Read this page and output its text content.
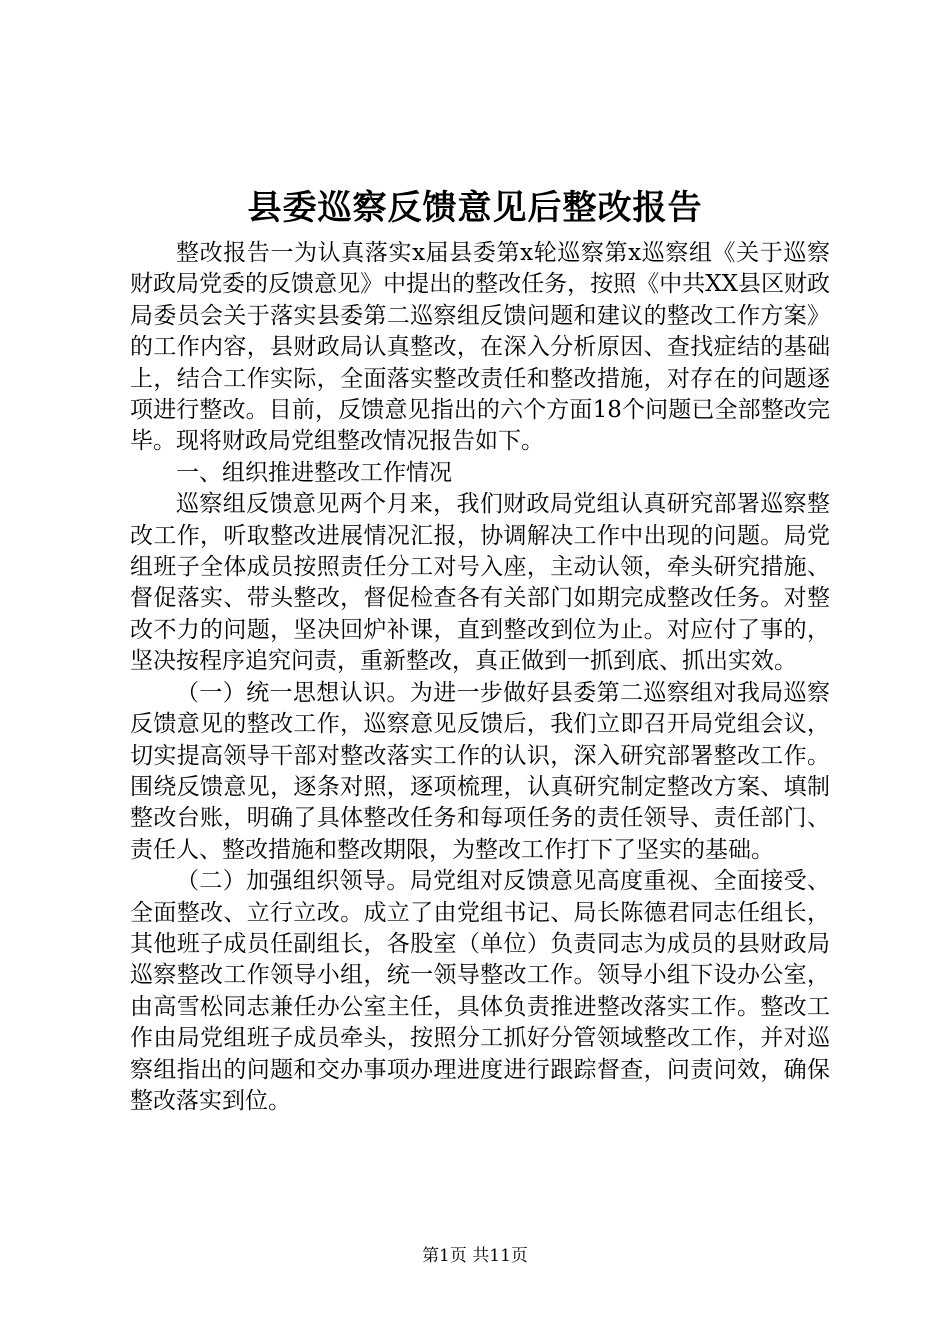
县委巡察反馈意见后整改报告

整改报告一为认真落实x届县委第x轮巡察第x巡察组《关于巡察财政局党委的反馈意见》中提出的整改任务，按照《中共XX县区财政局委员会关于落实县委第二巡察组反馈问题和建议的整改工作方案》的工作内容，县财政局认真整改，在深入分析原因、查找症结的基础上，结合工作实际，全面落实整改责任和整改措施，对存在的问题逐项进行整改。目前，反馈意见指出的六个方面18个问题已全部整改完毕。现将财政局党组整改情况报告如下。

一、组织推进整改工作情况

巡察组反馈意见两个月来，我们财政局党组认真研究部署巡察整改工作，听取整改进展情况汇报，协调解决工作中出现的问题。局党组班子全体成员按照责任分工对号入座，主动认领，牵头研究措施、督促落实、带头整改，督促检查各有关部门如期完成整改任务。对整改不力的问题，坚决回炉补课，直到整改到位为止。对应付了事的，坚决按程序追究问责，重新整改，真正做到一抓到底、抓出实效。

（一）统一思想认识。为进一步做好县委第二巡察组对我局巡察反馈意见的整改工作，巡察意见反馈后，我们立即召开局党组会议，切实提高领导干部对整改落实工作的认识，深入研究部署整改工作。围绕反馈意见，逐条对照，逐项梳理，认真研究制定整改方案、填制整改台账，明确了具体整改任务和每项任务的责任领导、责任部门、责任人、整改措施和整改期限，为整改工作打下了坚实的基础。

（二）加强组织领导。局党组对反馈意见高度重视、全面接受、全面整改、立行立改。成立了由党组书记、局长陈德君同志任组长，其他班子成员任副组长，各股室（单位）负责同志为成员的县财政局巡察整改工作领导小组，统一领导整改工作。领导小组下设办公室，由高雪松同志兼任办公室主任，具体负责推进整改落实工作。整改工作由局党组班子成员牵头，按照分工抓好分管领域整改工作，并对巡察组指出的问题和交办事项办理进度进行跟踪督查，问责问效，确保整改落实到位。

第1页 共11页
